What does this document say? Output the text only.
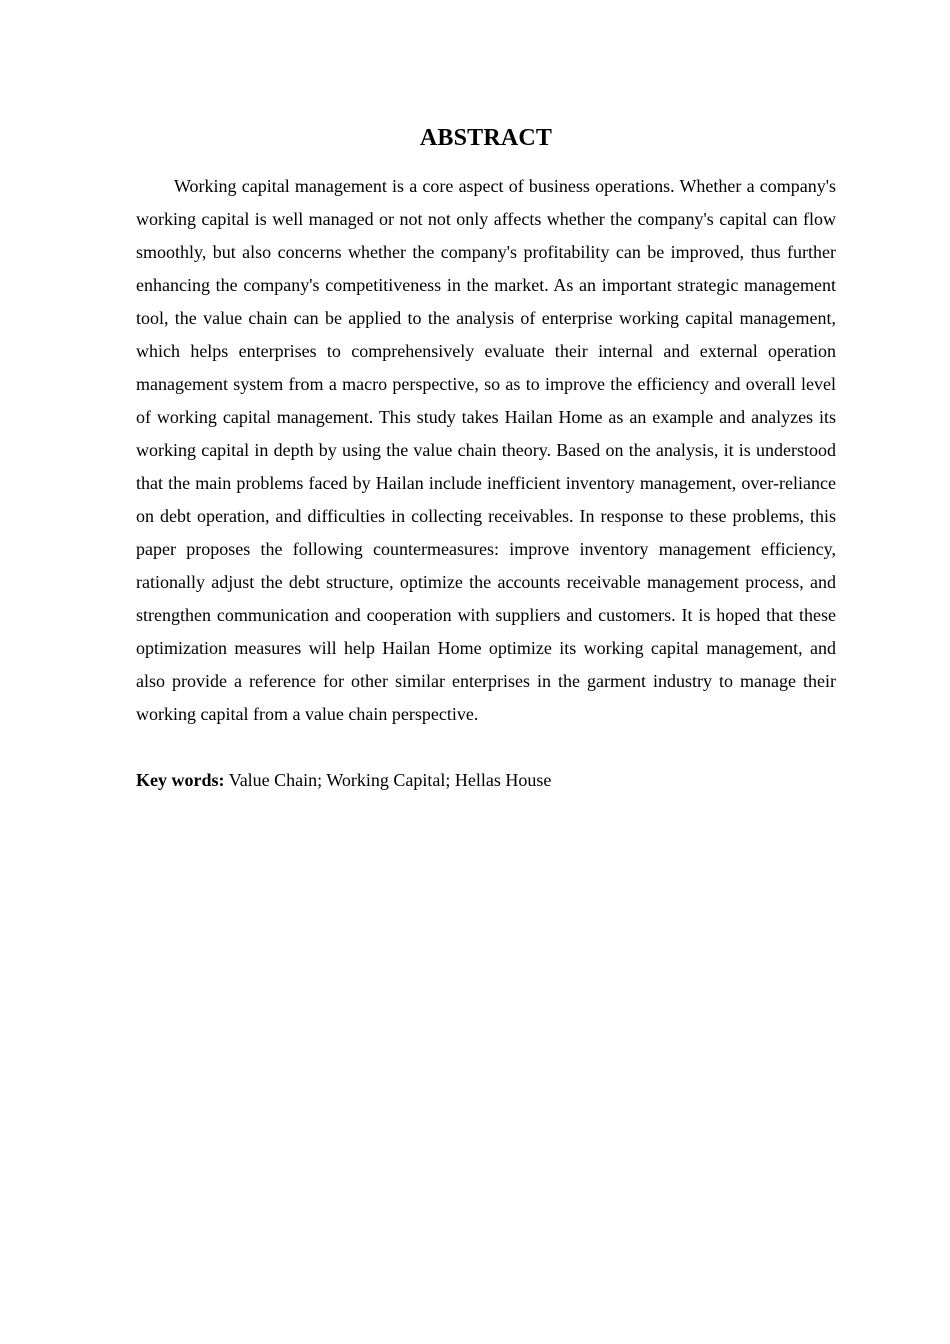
ABSTRACT

Working capital management is a core aspect of business operations. Whether a company's working capital is well managed or not not only affects whether the company's capital can flow smoothly, but also concerns whether the company's profitability can be improved, thus further enhancing the company's competitiveness in the market. As an important strategic management tool, the value chain can be applied to the analysis of enterprise working capital management, which helps enterprises to comprehensively evaluate their internal and external operation management system from a macro perspective, so as to improve the efficiency and overall level of working capital management. This study takes Hailan Home as an example and analyzes its working capital in depth by using the value chain theory. Based on the analysis, it is understood that the main problems faced by Hailan include inefficient inventory management, over-reliance on debt operation, and difficulties in collecting receivables. In response to these problems, this paper proposes the following countermeasures: improve inventory management efficiency, rationally adjust the debt structure, optimize the accounts receivable management process, and strengthen communication and cooperation with suppliers and customers. It is hoped that these optimization measures will help Hailan Home optimize its working capital management, and also provide a reference for other similar enterprises in the garment industry to manage their working capital from a value chain perspective.

Key words: Value Chain; Working Capital; Hellas House
